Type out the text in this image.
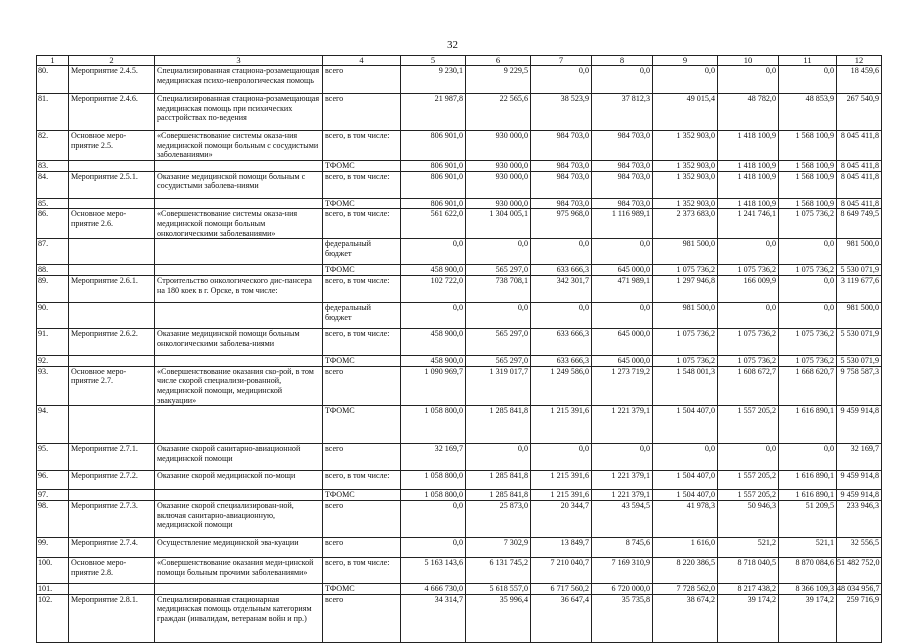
32
1	2	3	4	5	6	7	8	9	10	11	12
80.	Мероприятие 2.4.5.	Специализированная стациона-розамещающая медицинская психо-неврологическая помощь	всего	9 230,1	9 229,5	0,0	0,0	0,0	0,0	0,0	18 459,6
81.	Мероприятие 2.4.6.	Специализированная стациона-розамещающая медицинская помощь при психических расстройствах по-ведения	всего	21 987,8	22 565,6	38 523,9	37 812,3	49 015,4	48 782,0	48 853,9	267 540,9
82.	Основное меро-приятие 2.5.	«Совершенствование системы оказа-ния медицинской помощи больным с сосудистыми заболеваниями»	всего, в том числе:	806 901,0	930 000,0	984 703,0	984 703,0	1 352 903,0	1 418 100,9	1 568 100,9	8 045 411,8
83.			ТФОМС	806 901,0	930 000,0	984 703,0	984 703,0	1 352 903,0	1 418 100,9	1 568 100,9	8 045 411,8
84.	Мероприятие 2.5.1.	Оказание медицинской помощи больным с сосудистыми заболева-ниями	всего, в том числе:	806 901,0	930 000,0	984 703,0	984 703,0	1 352 903,0	1 418 100,9	1 568 100,9	8 045 411,8
85.			ТФОМС	806 901,0	930 000,0	984 703,0	984 703,0	1 352 903,0	1 418 100,9	1 568 100,9	8 045 411,8
86.	Основное меро-приятие 2.6.	«Совершенствование системы оказа-ния медицинской помощи больным онкологическими заболеваниями»	всего, в том числе:	561 622,0	1 304 005,1	975 968,0	1 116 989,1	2 373 683,0	1 241 746,1	1 075 736,2	8 649 749,5
87.			федеральный бюджет	0,0	0,0	0,0	0,0	981 500,0	0,0	0,0	981 500,0
88.			ТФОМС	458 900,0	565 297,0	633 666,3	645 000,0	1 075 736,2	1 075 736,2	1 075 736,2	5 530 071,9
89.	Мероприятие 2.6.1.	Строительство онкологического дис-пансера на 180 коек в г. Орске, в том числе:	всего, в том числе:	102 722,0	738 708,1	342 301,7	471 989,1	1 297 946,8	166 009,9	0,0	3 119 677,6
90.			федеральный бюджет	0,0	0,0	0,0	0,0	981 500,0	0,0	0,0	981 500,0
91.	Мероприятие 2.6.2.	Оказание медицинской помощи больным онкологическими заболева-ниями	всего, в том числе:	458 900,0	565 297,0	633 666,3	645 000,0	1 075 736,2	1 075 736,2	1 075 736,2	5 530 071,9
92.			ТФОМС	458 900,0	565 297,0	633 666,3	645 000,0	1 075 736,2	1 075 736,2	1 075 736,2	5 530 071,9
93.	Основное меро-приятие 2.7.	«Совершенствование оказания ско-рой, в том числе скорой специализи-рованной, медицинской помощи, медицинской эвакуации»	всего	1 090 969,7	1 319 017,7	1 249 586,0	1 273 719,2	1 548 001,3	1 608 672,7	1 668 620,7	9 758 587,3
94.			ТФОМС	1 058 800,0	1 285 841,8	1 215 391,6	1 221 379,1	1 504 407,0	1 557 205,2	1 616 890,1	9 459 914,8
95.	Мероприятие 2.7.1.	Оказание скорой санитарно-авиационной медицинской помощи	всего	32 169,7	0,0	0,0	0,0	0,0	0,0	0,0	32 169,7
96.	Мероприятие 2.7.2.	Оказание скорой медицинской по-мощи	всего, в том числе:	1 058 800,0	1 285 841,8	1 215 391,6	1 221 379,1	1 504 407,0	1 557 205,2	1 616 890,1	9 459 914,8
97.			ТФОМС	1 058 800,0	1 285 841,8	1 215 391,6	1 221 379,1	1 504 407,0	1 557 205,2	1 616 890,1	9 459 914,8
98.	Мероприятие 2.7.3.	Оказание скорой специализирован-ной, включая санитарно-авиационную, медицинской помощи	всего	0,0	25 873,0	20 344,7	43 594,5	41 978,3	50 946,3	51 209,5	233 946,3
99.	Мероприятие 2.7.4.	Осуществление медицинской эва-куации	всего	0,0	7 302,9	13 849,7	8 745,6	1 616,0	521,2	521,1	32 556,5
100.	Основное меро-приятие 2.8.	«Совершенствование оказания меди-цинской помощи больным прочими заболеваниями»	всего, в том числе:	5 163 143,6	6 131 745,2	7 210 040,7	7 169 310,9	8 220 386,5	8 718 040,5	8 870 084,6	51 482 752,0
101.			ТФОМС	4 666 730,0	5 618 557,0	6 717 560,2	6 720 000,0	7 728 562,0	8 217 438,2	8 366 109,3	48 034 956,7
102.	Мероприятие 2.8.1.	Специализированная стационарная медицинская помощь отдельным категориям граждан (инвалидам, ветеранам войн и пр.)	всего	34 314,7	35 996,4	36 647,4	35 735,8	38 674,2	39 174,2	39 174,2	259 716,9
